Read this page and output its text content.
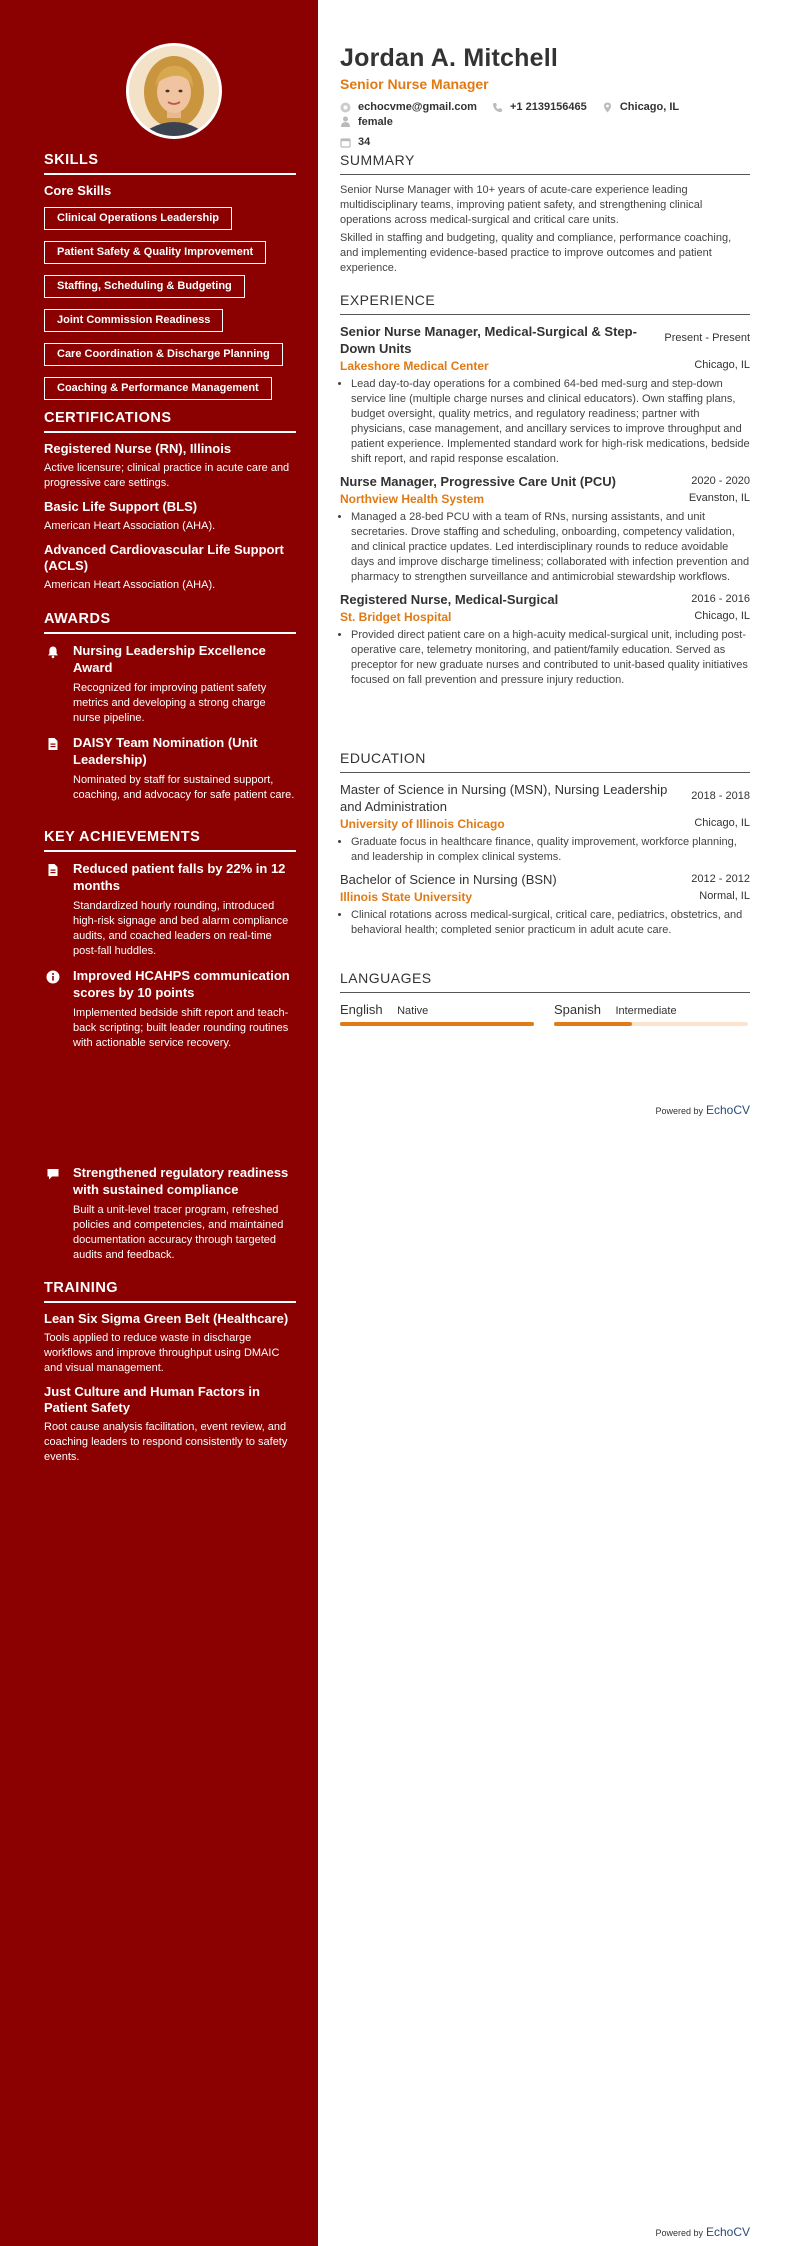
SKILLS
Core Skills
Clinical Operations Leadership
Patient Safety & Quality Improvement
Staffing, Scheduling & Budgeting
Joint Commission Readiness
Care Coordination & Discharge Planning
Coaching & Performance Management
CERTIFICATIONS
Registered Nurse (RN), Illinois
Active licensure; clinical practice in acute care and progressive care settings.
Basic Life Support (BLS)
American Heart Association (AHA).
Advanced Cardiovascular Life Support (ACLS)
American Heart Association (AHA).
AWARDS
Nursing Leadership Excellence Award
Recognized for improving patient safety metrics and developing a strong charge nurse pipeline.
DAISY Team Nomination (Unit Leadership)
Nominated by staff for sustained support, coaching, and advocacy for safe patient care.
KEY ACHIEVEMENTS
Reduced patient falls by 22% in 12 months
Standardized hourly rounding, introduced high-risk signage and bed alarm compliance audits, and coached leaders on real-time post-fall huddles.
Improved HCAHPS communication scores by 10 points
Implemented bedside shift report and teach-back scripting; built leader rounding routines with actionable service recovery.
Strengthened regulatory readiness with sustained compliance
Built a unit-level tracer program, refreshed policies and competencies, and maintained documentation accuracy through targeted audits and feedback.
TRAINING
Lean Six Sigma Green Belt (Healthcare)
Tools applied to reduce waste in discharge workflows and improve throughput using DMAIC and visual management.
Just Culture and Human Factors in Patient Safety
Root cause analysis facilitation, event review, and coaching leaders to respond consistently to safety events.
Jordan A. Mitchell
Senior Nurse Manager
echocvme@gmail.com
	+1 2139156465
	Chicago, IL

female
34
SUMMARY

Senior Nurse Manager with 10+ years of acute-care experience leading multidisciplinary teams, improving patient safety, and strengthening clinical operations across medical-surgical and critical care units.

Skilled in staffing and budgeting, quality and compliance, performance coaching, and implementing evidence-based practice to improve outcomes and patient experience.

EXPERIENCE
Senior Nurse Manager, Medical-Surgical & Step-Down Units
Present - Present
Lakeshore Medical Center	Chicago, IL
• Lead day-to-day operations for a combined 64-bed med-surg and step-down service line (multiple charge nurses and clinical educators). Own staffing plans, budget oversight, quality metrics, and regulatory readiness; partner with physicians, case management, and ancillary services to improve throughput and patient experience. Implemented standard work for high-risk medications, bedside shift report, and rapid response escalation.
Nurse Manager, Progressive Care Unit (PCU)	2020 - 2020
Northview Health System	Evanston, IL
• Managed a 28-bed PCU with a team of RNs, nursing assistants, and unit secretaries. Drove staffing and scheduling, onboarding, competency validation, and clinical practice updates. Led interdisciplinary rounds to reduce avoidable days and improve discharge timeliness; collaborated with infection prevention and pharmacy to strengthen surveillance and antimicrobial stewardship workflows.
Registered Nurse, Medical-Surgical	2016 - 2016
St. Bridget Hospital	Chicago, IL
• Provided direct patient care on a high-acuity medical-surgical unit, including post-operative care, telemetry monitoring, and patient/family education. Served as preceptor for new graduate nurses and contributed to unit-based quality initiatives focused on fall prevention and pressure injury reduction.
EDUCATION
Master of Science in Nursing (MSN), Nursing Leadership and Administration
2018 - 2018
University of Illinois Chicago	Chicago, IL
• Graduate focus in healthcare finance, quality improvement, workforce planning, and leadership in complex clinical systems.
Bachelor of Science in Nursing (BSN)	2012 - 2012
Illinois State University	Normal, IL
• Clinical rotations across medical-surgical, critical care, pediatrics, obstetrics, and behavioral health; completed senior practicum in adult acute care.
LANGUAGES
English Native	Spanish Intermediate
Powered by EchoCV
Powered by EchoCV
